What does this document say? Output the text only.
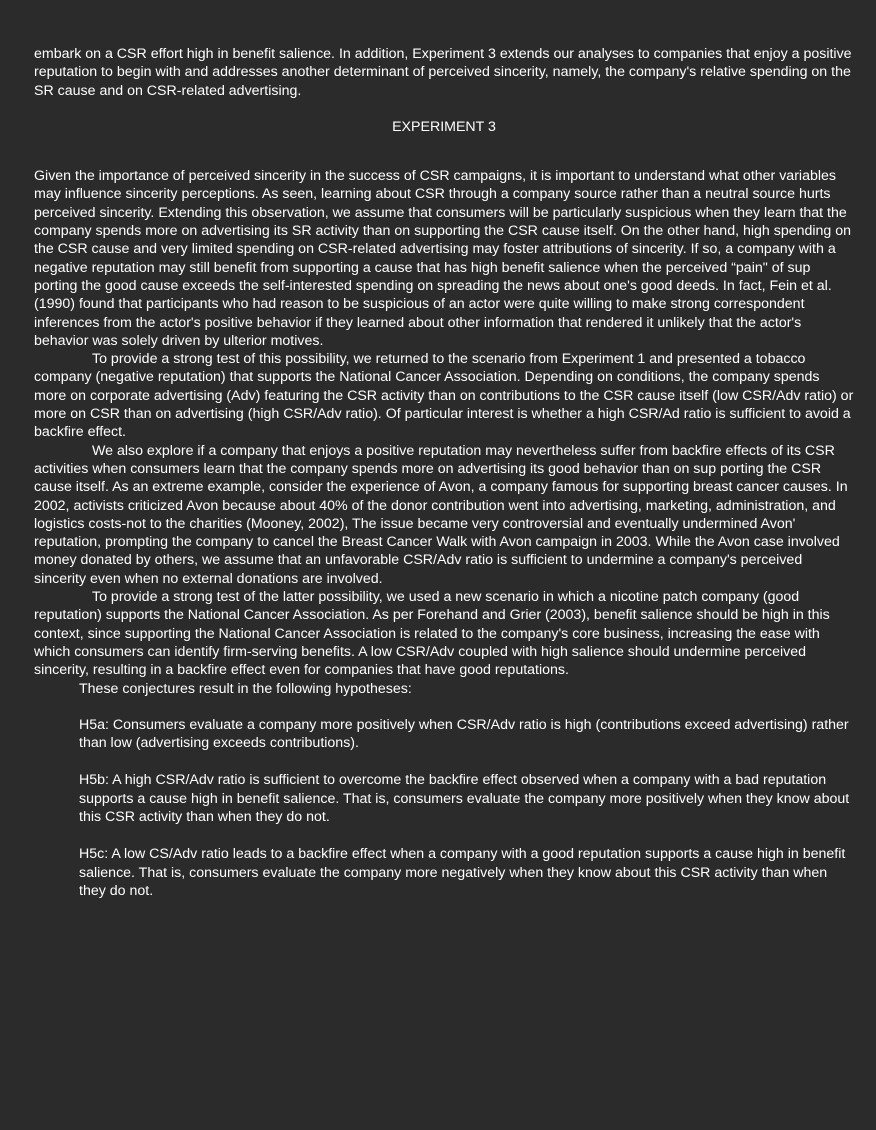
embark on a CSR effort high in benefit salience. In addition, Experiment 3 extends our analyses to companies that enjoy a positive reputation to begin with and addresses another determinant of perceived sincerity, namely, the company's relative spending on the SR cause and on CSR-related advertising.

EXPERIMENT 3

Given the importance of perceived sincerity in the success of CSR campaigns, it is important to understand what other variables may influence sincerity perceptions. As seen, learning about CSR through a company source rather than a neutral source hurts perceived sincerity. Extending this observation, we assume that consumers will be particularly suspicious when they learn that the company spends more on advertising its SR activity than on supporting the CSR cause itself. On the other hand, high spending on the CSR cause and very limited spending on CSR-related advertising may foster attributions of sincerity. If so, a company with a negative reputation may still benefit from supporting a cause that has high benefit salience when the perceived “pain" of sup porting the good cause exceeds the self-interested spending on spreading the news about one's good deeds. In fact, Fein et al. (1990) found that participants who had reason to be suspicious of an actor were quite willing to make strong correspondent inferences from the actor's positive behavior if they learned about other information that rendered it unlikely that the actor's behavior was solely driven by ulterior motives.

To provide a strong test of this possibility, we returned to the scenario from Experiment 1 and presented a tobacco company (negative reputation) that supports the National Cancer Association. Depending on conditions, the company spends more on corporate advertising (Adv) featuring the CSR activity than on contributions to the CSR cause itself (low CSR/Adv ratio) or more on CSR than on advertising (high CSR/Adv ratio). Of particular interest is whether a high CSR/Ad ratio is sufficient to avoid a backfire effect.

We also explore if a company that enjoys a positive reputation may nevertheless suffer from backfire effects of its CSR activities when consumers learn that the company spends more on advertising its good behavior than on sup porting the CSR cause itself. As an extreme example, consider the experience of Avon, a company famous for supporting breast cancer causes. In 2002, activists criticized Avon because about 40% of the donor contribution went into advertising, marketing, administration, and logistics costs-not to the charities (Mooney, 2002), The issue became very controversial and eventually undermined Avon' reputation, prompting the company to cancel the Breast Cancer Walk with Avon campaign in 2003. While the Avon case involved money donated by others, we assume that an unfavorable CSR/Adv ratio is sufficient to undermine a company's perceived sincerity even when no external donations are involved.

To provide a strong test of the latter possibility, we used a new scenario in which a nicotine patch company (good reputation) supports the National Cancer Association. As per Forehand and Grier (2003), benefit salience should be high in this context, since supporting the National Cancer Association is related to the company's core business, increasing the ease with which consumers can identify firm-serving benefits. A low CSR/Adv coupled with high salience should undermine perceived sincerity, resulting in a backfire effect even for companies that have good reputations.

These conjectures result in the following hypotheses:

H5a: Consumers evaluate a company more positively when CSR/Adv ratio is high (contributions exceed advertising) rather than low (advertising exceeds contributions).

H5b: A high CSR/Adv ratio is sufficient to overcome the backfire effect observed when a company with a bad reputation supports a cause high in benefit salience. That is, consumers evaluate the company more positively when they know about this CSR activity than when they do not.

H5c: A low CS/Adv ratio leads to a backfire effect when a company with a good reputation supports a cause high in benefit salience. That is, consumers evaluate the company more negatively when they know about this CSR activity than when they do not.
